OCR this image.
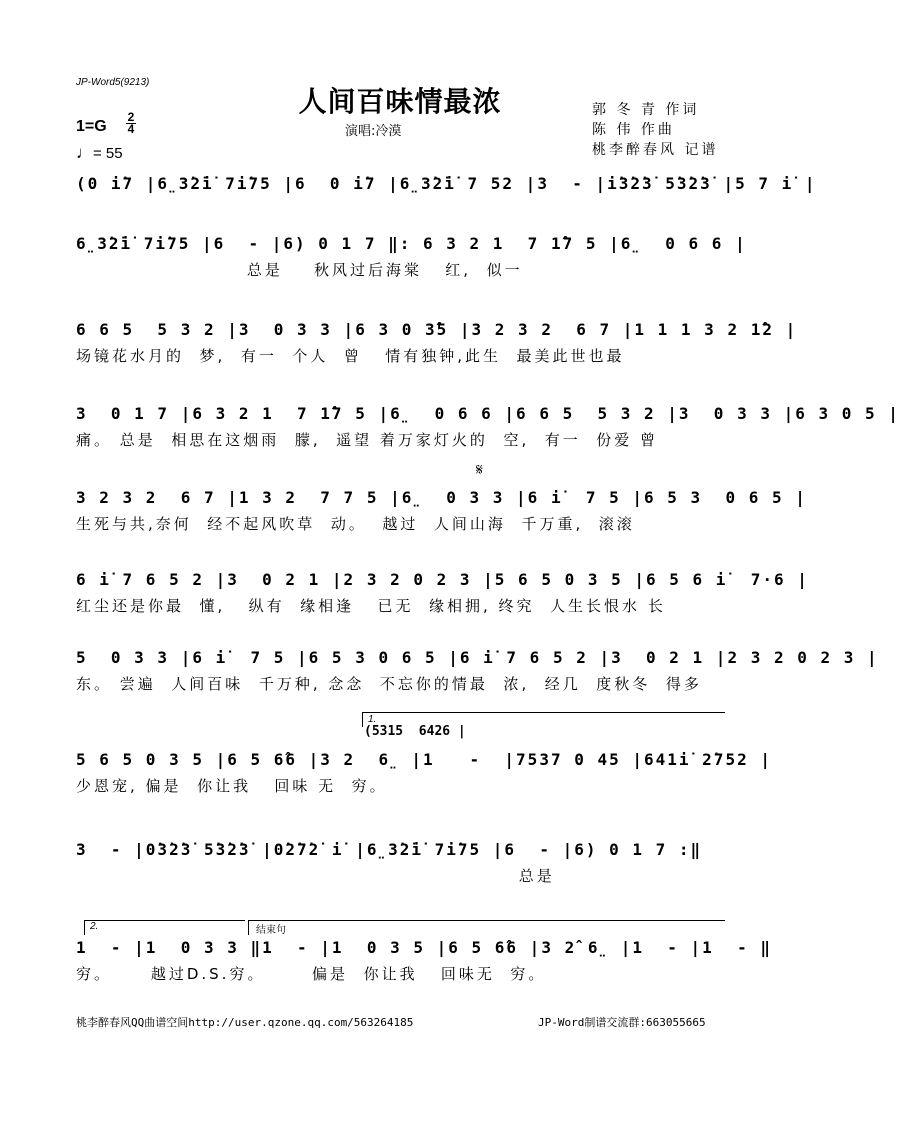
JP-Word5(9213)
人间百味情最浓	郭 冬 青 作词
陈 伟 作曲
桃李醉春风 记谱
演唱:冷漠
1=G
2
4
♩= 55
(0 i̇7 |6̤3̇2̇i̇ 7i̇75 |6  0 i̇7 |6̤3̇2̇i̇ 7 52 |3  - |i̇3̇2̇3̇ 5̇3̇2̇3̇ |5 7 i̇ |
6̤3̇2̇i̇ 7i̇75 |6  - |6) 0 1 7 ‖: 6 3 2 1  7 1̂7 5 |6̤  0 6 6 |
总是    秋风过后海棠   红,  似一
6 6 5  5 3 2 |3  0 3 3 |6 3 0 3̂5 |3 2 3 2  6 7 |1 1 1 3 2 1̂2 |
场镜花水月的  梦,  有一  个人  曾   情有独钟,此生  最美此世也最
3  0 1 7 |6 3 2 1  7 1̂7 5 |6̤  0 6 6 |6 6 5  5 3 2 |3  0 3 3 |6 3 0 5 |
痛。 总是  相思在这烟雨  朦,  遥望 着万家灯火的  空,  有一  份爱 曾
𝄋
3 2 3 2  6 7 |1 3 2  7 7 5 |6̤  0 3 3 |6 i̇  7 5 |6 5 3  0 6 5 |
生死与共,奈何  经不起风吹草  动。  越过  人间山海  千万重,  滚滚
6 i̇ 7 6 5 2 |3  0 2 1 |2 3 2 0 2 3 |5 6 5 0 3 5 |6 5 6 i̇  7·6 |
红尘还是你最  懂,   纵有  缘相逢   已无  缘相拥, 终究  人生长恨水 长
5  0 3 3 |6 i̇  7 5 |6 5 3 0 6 5 |6 i̇ 7 6 5 2 |3  0 2 1 |2 3 2 0 2 3 |
东。 尝遍  人间百味  千万种, 念念  不忘你的情最  浓,  经几  度秋冬  得多
1.
(5315  6426 |
5 6 5 0 3 5 |6 5 6̂6 |3 2  6̤ |1   -  |7537 0 45 |641i̇ 2̇752 |
少恩宠, 偏是  你让我   回味 无  穷。
3  - |0̇3̇2̇3̇ 5̇3̇2̇3̇ |0̇2̇7̇2̇ i̇ |6̤3̇2̇i̇ 7i̇75 |6  - |6) 0 1 7 :‖
总是
2.	结束句
1  - |1  0 3 3 ‖1  - |1  0 3 5 |6 5 6̂6 |3 2̂ 6̤ |1  - |1  - ‖
穷。     越过D.S.穷。      偏是  你让我   回味无  穷。
桃李醉春风QQ曲谱空间http://user.qzone.qq.com/563264185	JP-Word制谱交流群:663055665
